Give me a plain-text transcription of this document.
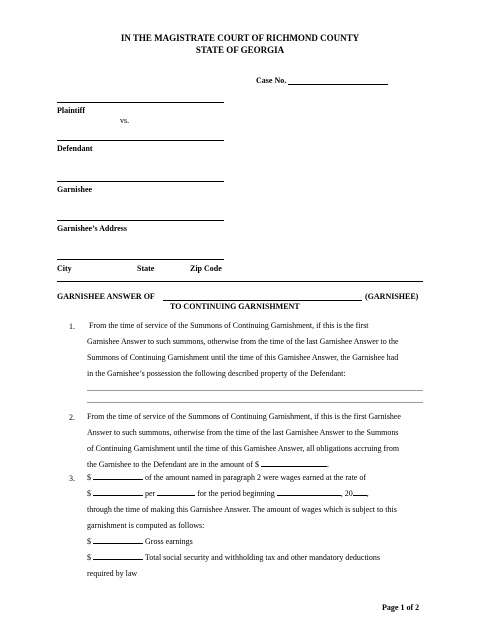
IN THE MAGISTRATE COURT OF RICHMOND COUNTY
STATE OF GEORGIA
Case No.
Plaintiff
vs.
Defendant
Garnishee
Garnishee’s Address
City	State	Zip Code
GARNISHEE ANSWER OF	(GARNISHEE)
TO CONTINUING GARNISHMENT
1. From the time of service of the Summons of Continuing Garnishment, if this is the first
Garnishee Answer to such summons, otherwise from the time of the last Garnishee Answer to the
Summons of Continuing Garnishment until the time of this Garnishee Answer, the Garnishee had
in the Garnishee’s possession the following described property of the Defendant:
2. From the time of service of the Summons of Continuing Garnishment, if this is the first Garnishee
Answer to such summons, otherwise from the time of the last Garnishee Answer to the Summons
of Continuing Garnishment until the time of this Garnishee Answer, all obligations accruing from
the Garnishee to the Defendant are in the amount of $	.
3. $	of the amount named in paragraph 2 were wages earned at the rate of
$	per	for the period beginning	, 20 ,
through the time of making this Garnishee Answer. The amount of wages which is subject to this
garnishment is computed as follows:
$	Gross earnings
$	Total social security and withholding tax and other mandatory deductions
required by law
Page 1 of 2
